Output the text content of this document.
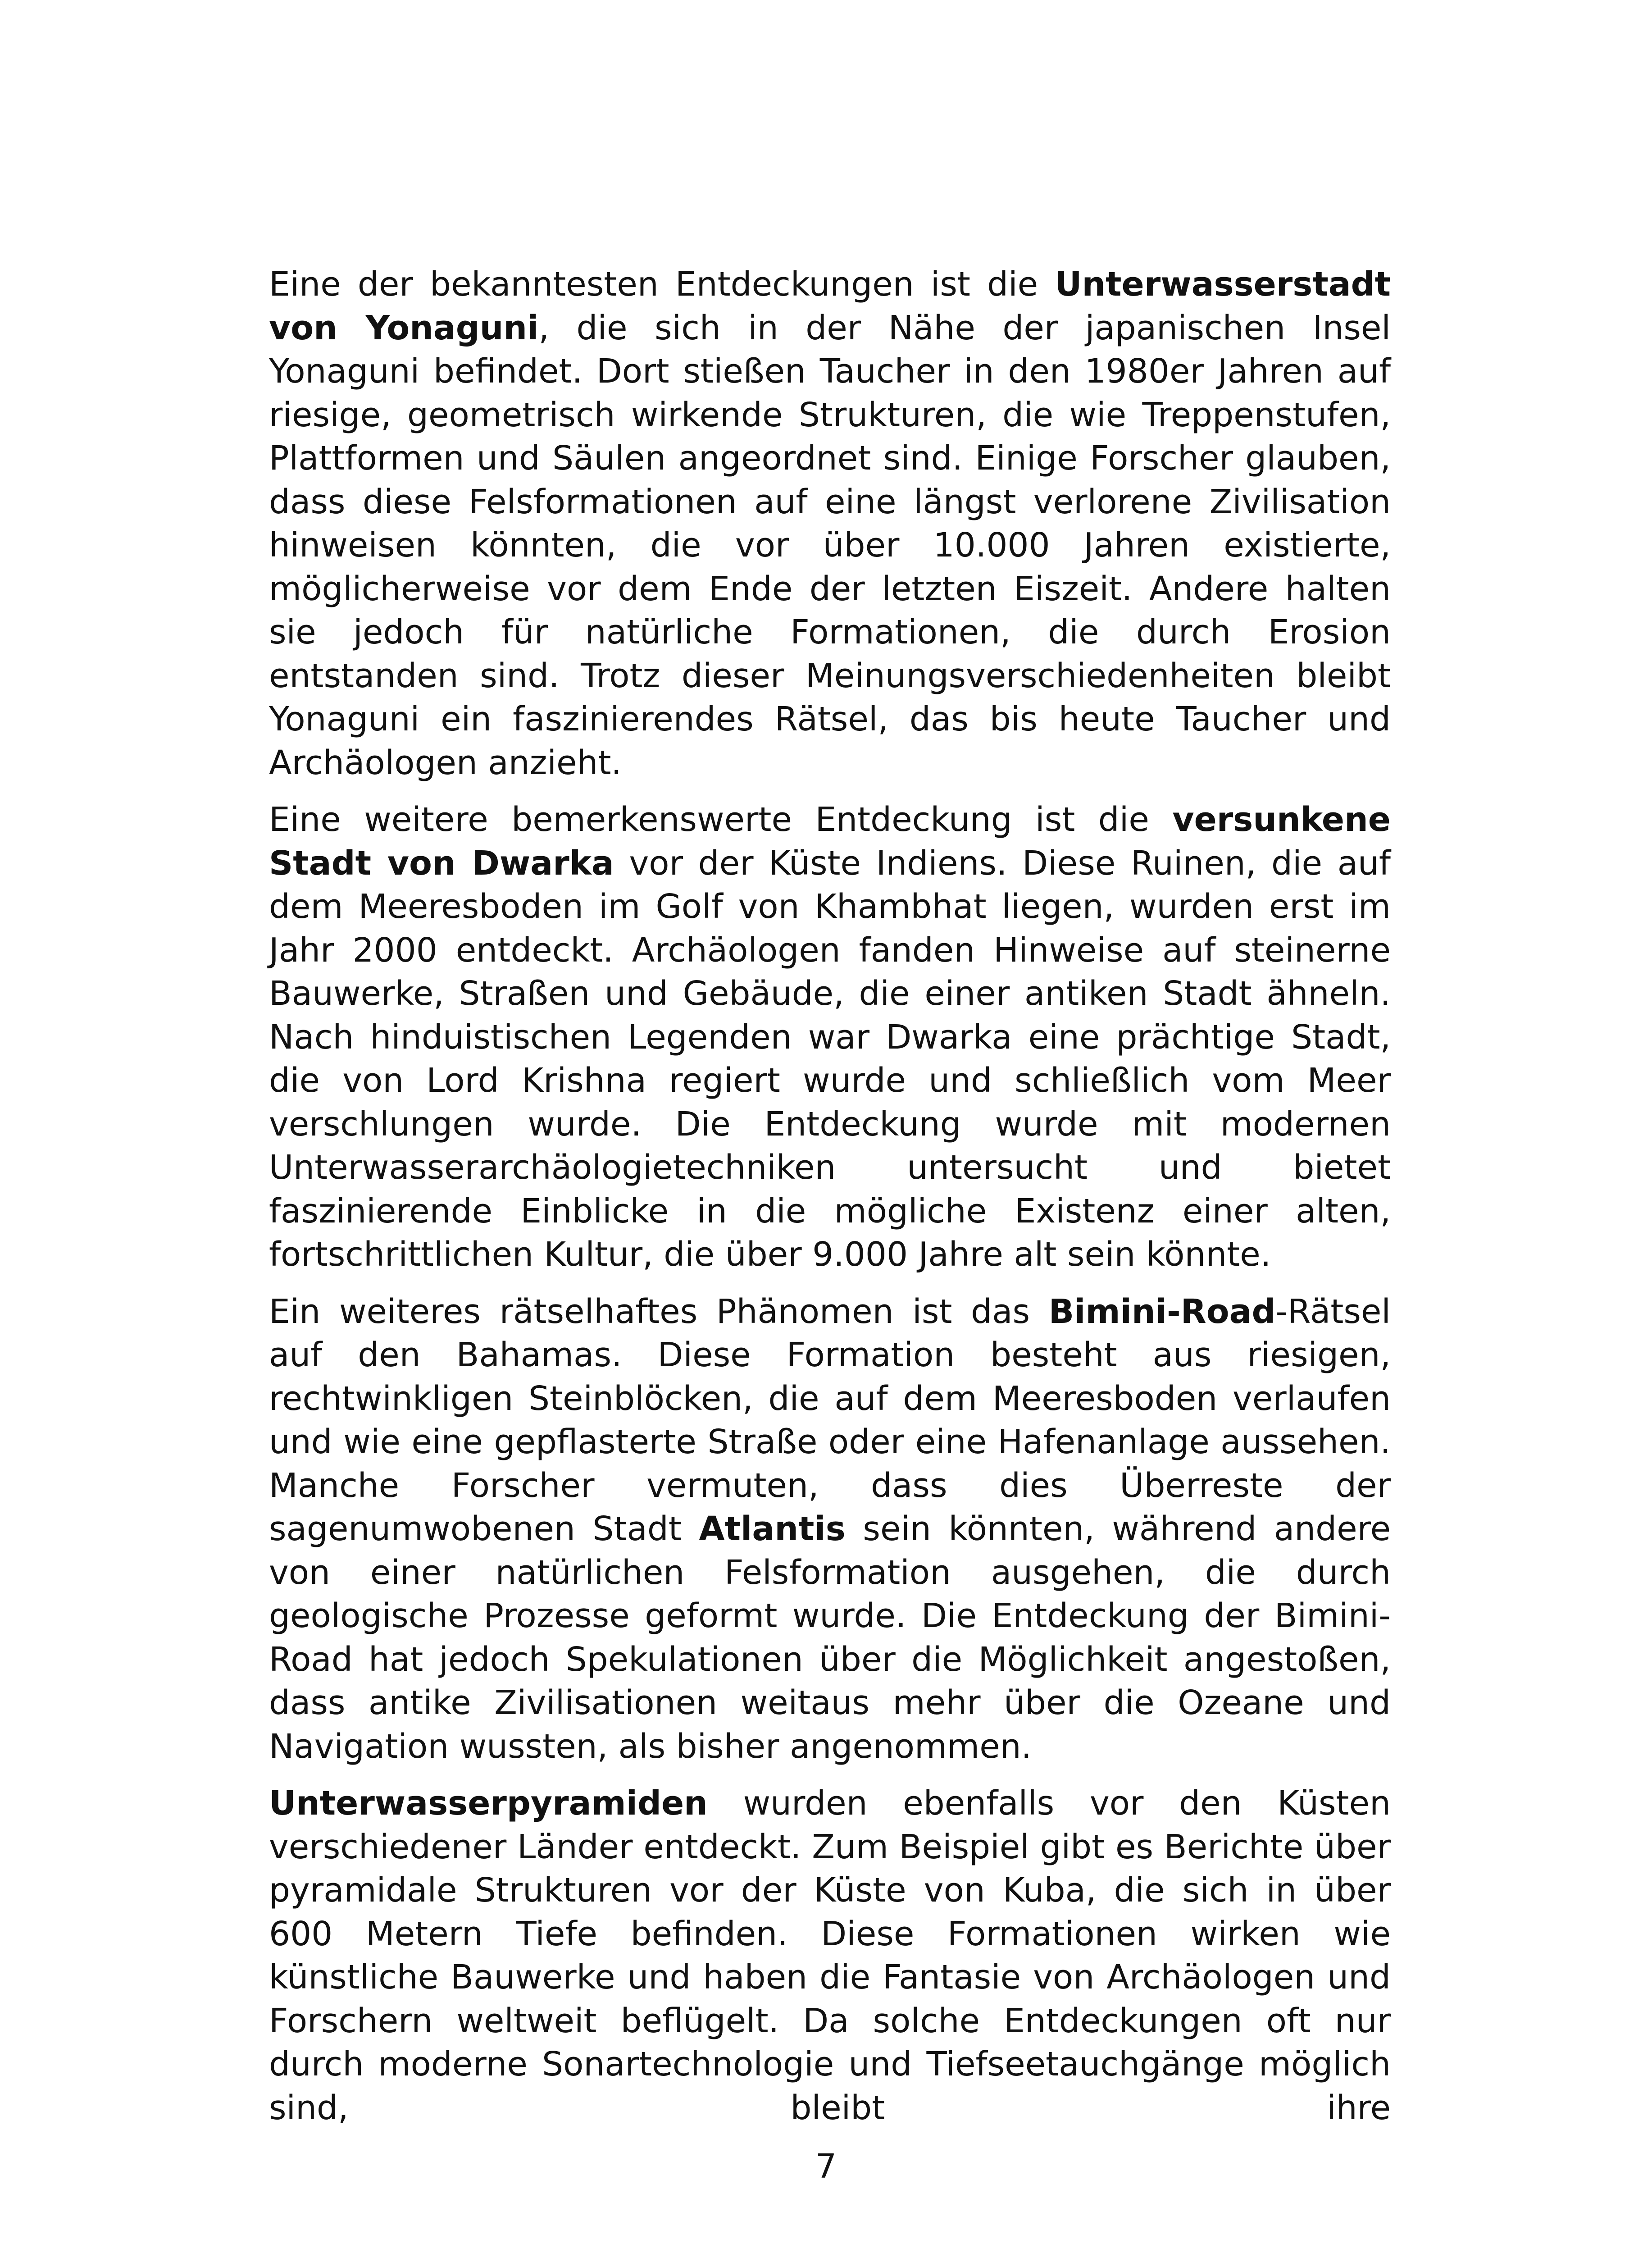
Eine der bekanntesten Entdeckungen ist die Unterwasserstadt von Yonaguni, die sich in der Nähe der japanischen Insel Yonaguni befindet. Dort stießen Taucher in den 1980er Jahren auf riesige, geometrisch wirkende Strukturen, die wie Treppenstufen, Plattformen und Säulen angeordnet sind. Einige Forscher glauben, dass diese Felsformationen auf eine längst verlorene Zivilisation hinweisen könnten, die vor über 10.000 Jahren existierte, möglicherweise vor dem Ende der letzten Eiszeit. Andere halten sie jedoch für natürliche Formationen, die durch Erosion entstanden sind. Trotz dieser Meinungsverschiedenheiten bleibt Yonaguni ein faszinierendes Rätsel, das bis heute Taucher und Archäologen anzieht.

Eine weitere bemerkenswerte Entdeckung ist die versunkene Stadt von Dwarka vor der Küste Indiens. Diese Ruinen, die auf dem Meeresboden im Golf von Khambhat liegen, wurden erst im Jahr 2000 entdeckt. Archäologen fanden Hinweise auf steinerne Bauwerke, Straßen und Gebäude, die einer antiken Stadt ähneln. Nach hinduistischen Legenden war Dwarka eine prächtige Stadt, die von Lord Krishna regiert wurde und schließlich vom Meer verschlungen wurde. Die Entdeckung wurde mit modernen Unterwasserarchäologietechniken untersucht und bietet faszinierende Einblicke in die mögliche Existenz einer alten, fortschrittlichen Kultur, die über 9.000 Jahre alt sein könnte.

Ein weiteres rätselhaftes Phänomen ist das Bimini-Road-Rätsel auf den Bahamas. Diese Formation besteht aus riesigen, rechtwinkligen Steinblöcken, die auf dem Meeresboden verlaufen und wie eine gepflasterte Straße oder eine Hafenanlage aussehen. Manche Forscher vermuten, dass dies Überreste der sagenumwobenen Stadt Atlantis sein könnten, während andere von einer natürlichen Felsformation ausgehen, die durch geologische Prozesse geformt wurde. Die Entdeckung der Bimini-Road hat jedoch Spekulationen über die Möglichkeit angestoßen, dass antike Zivilisationen weitaus mehr über die Ozeane und Navigation wussten, als bisher angenommen.

Unterwasserpyramiden wurden ebenfalls vor den Küsten verschiedener Länder entdeckt. Zum Beispiel gibt es Berichte über pyramidale Strukturen vor der Küste von Kuba, die sich in über 600 Metern Tiefe befinden. Diese Formationen wirken wie künstliche Bauwerke und haben die Fantasie von Archäologen und Forschern weltweit beflügelt. Da solche Entdeckungen oft nur durch moderne Sonartechnologie und Tiefseetauchgänge möglich sind, bleibt ihre

7
